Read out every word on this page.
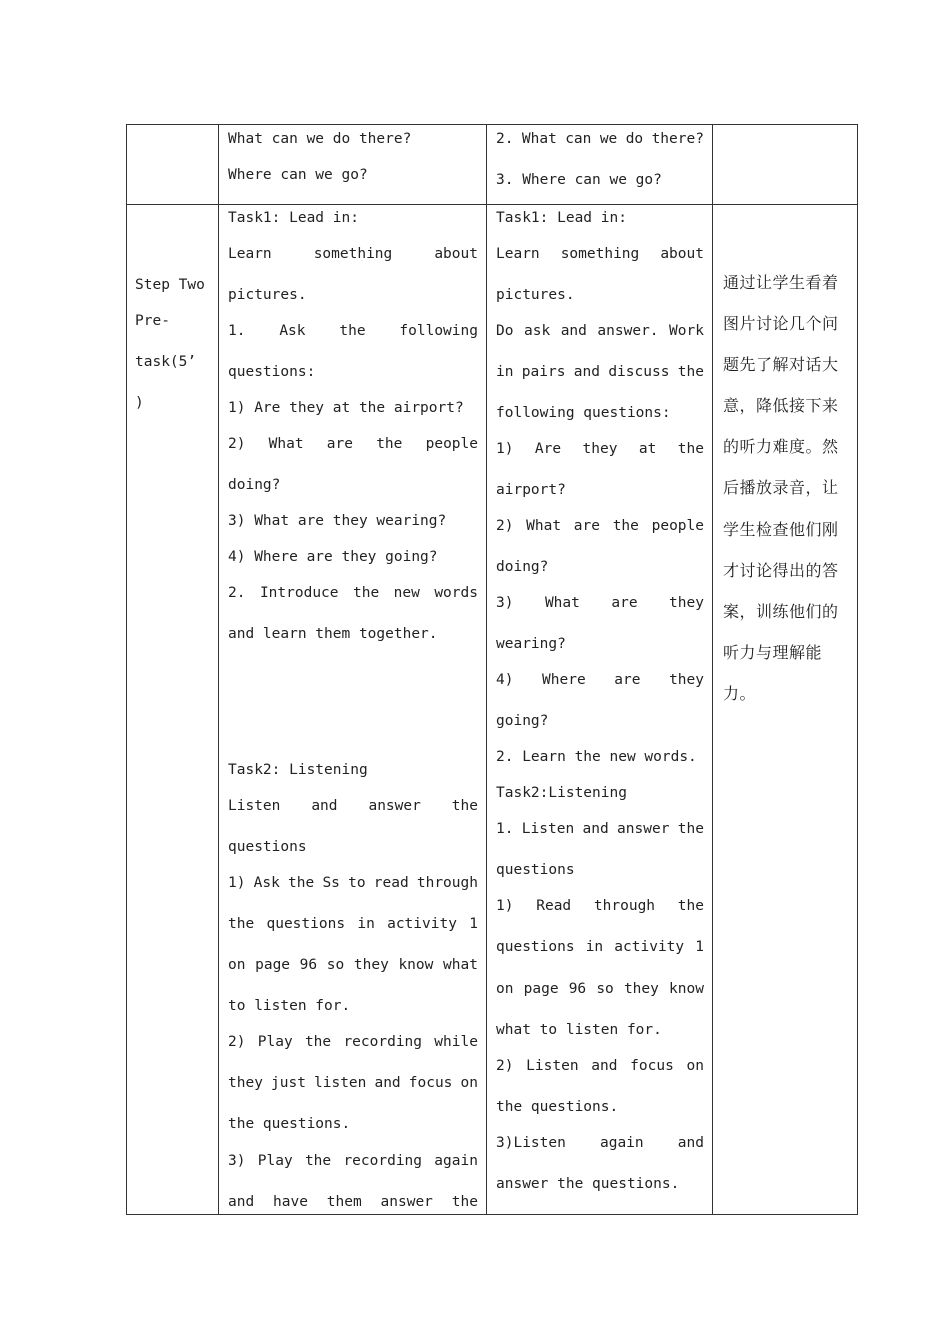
What can we do there?
Where can we go?
2. What can we do there?
3. Where can we go?
Step Two
Pre-
task(5’
)
Task1: Lead in:
Learn	something	about
pictures.
1. Ask the following
questions:
1) Are they at the airport?
2) What are the people
doing?
3) What are they wearing?
4) Where are they going?
2. Introduce the new words
and learn them together.
Task2: Listening
Listen and answer the
questions
1) Ask the Ss to read through
the questions in activity 1
on page 96 so they know what
to listen for.
2) Play the recording while
they just listen and focus on
the questions.
3) Play the recording again
and have them answer the
Task1: Lead in:
Learn something about
pictures.
Do ask and answer. Work
in pairs and discuss the
following questions:
1) Are they at the
airport?
2) What are the people
doing?
3) What are they
wearing?
4) Where are they
going?
2. Learn the new words.
Task2:Listening
1. Listen and answer the
questions
1) Read through the
questions in activity 1
on page 96 so they know
what to listen for.
2) Listen and focus on
the questions.
3)Listen again and
answer the questions.
通过让学生看着
图片讨论几个问
题先了解对话大
意，降低接下来
的听力难度。然
后播放录音，让
学生检查他们刚
才讨论得出的答
案，训练他们的
听力与理解能
力。
